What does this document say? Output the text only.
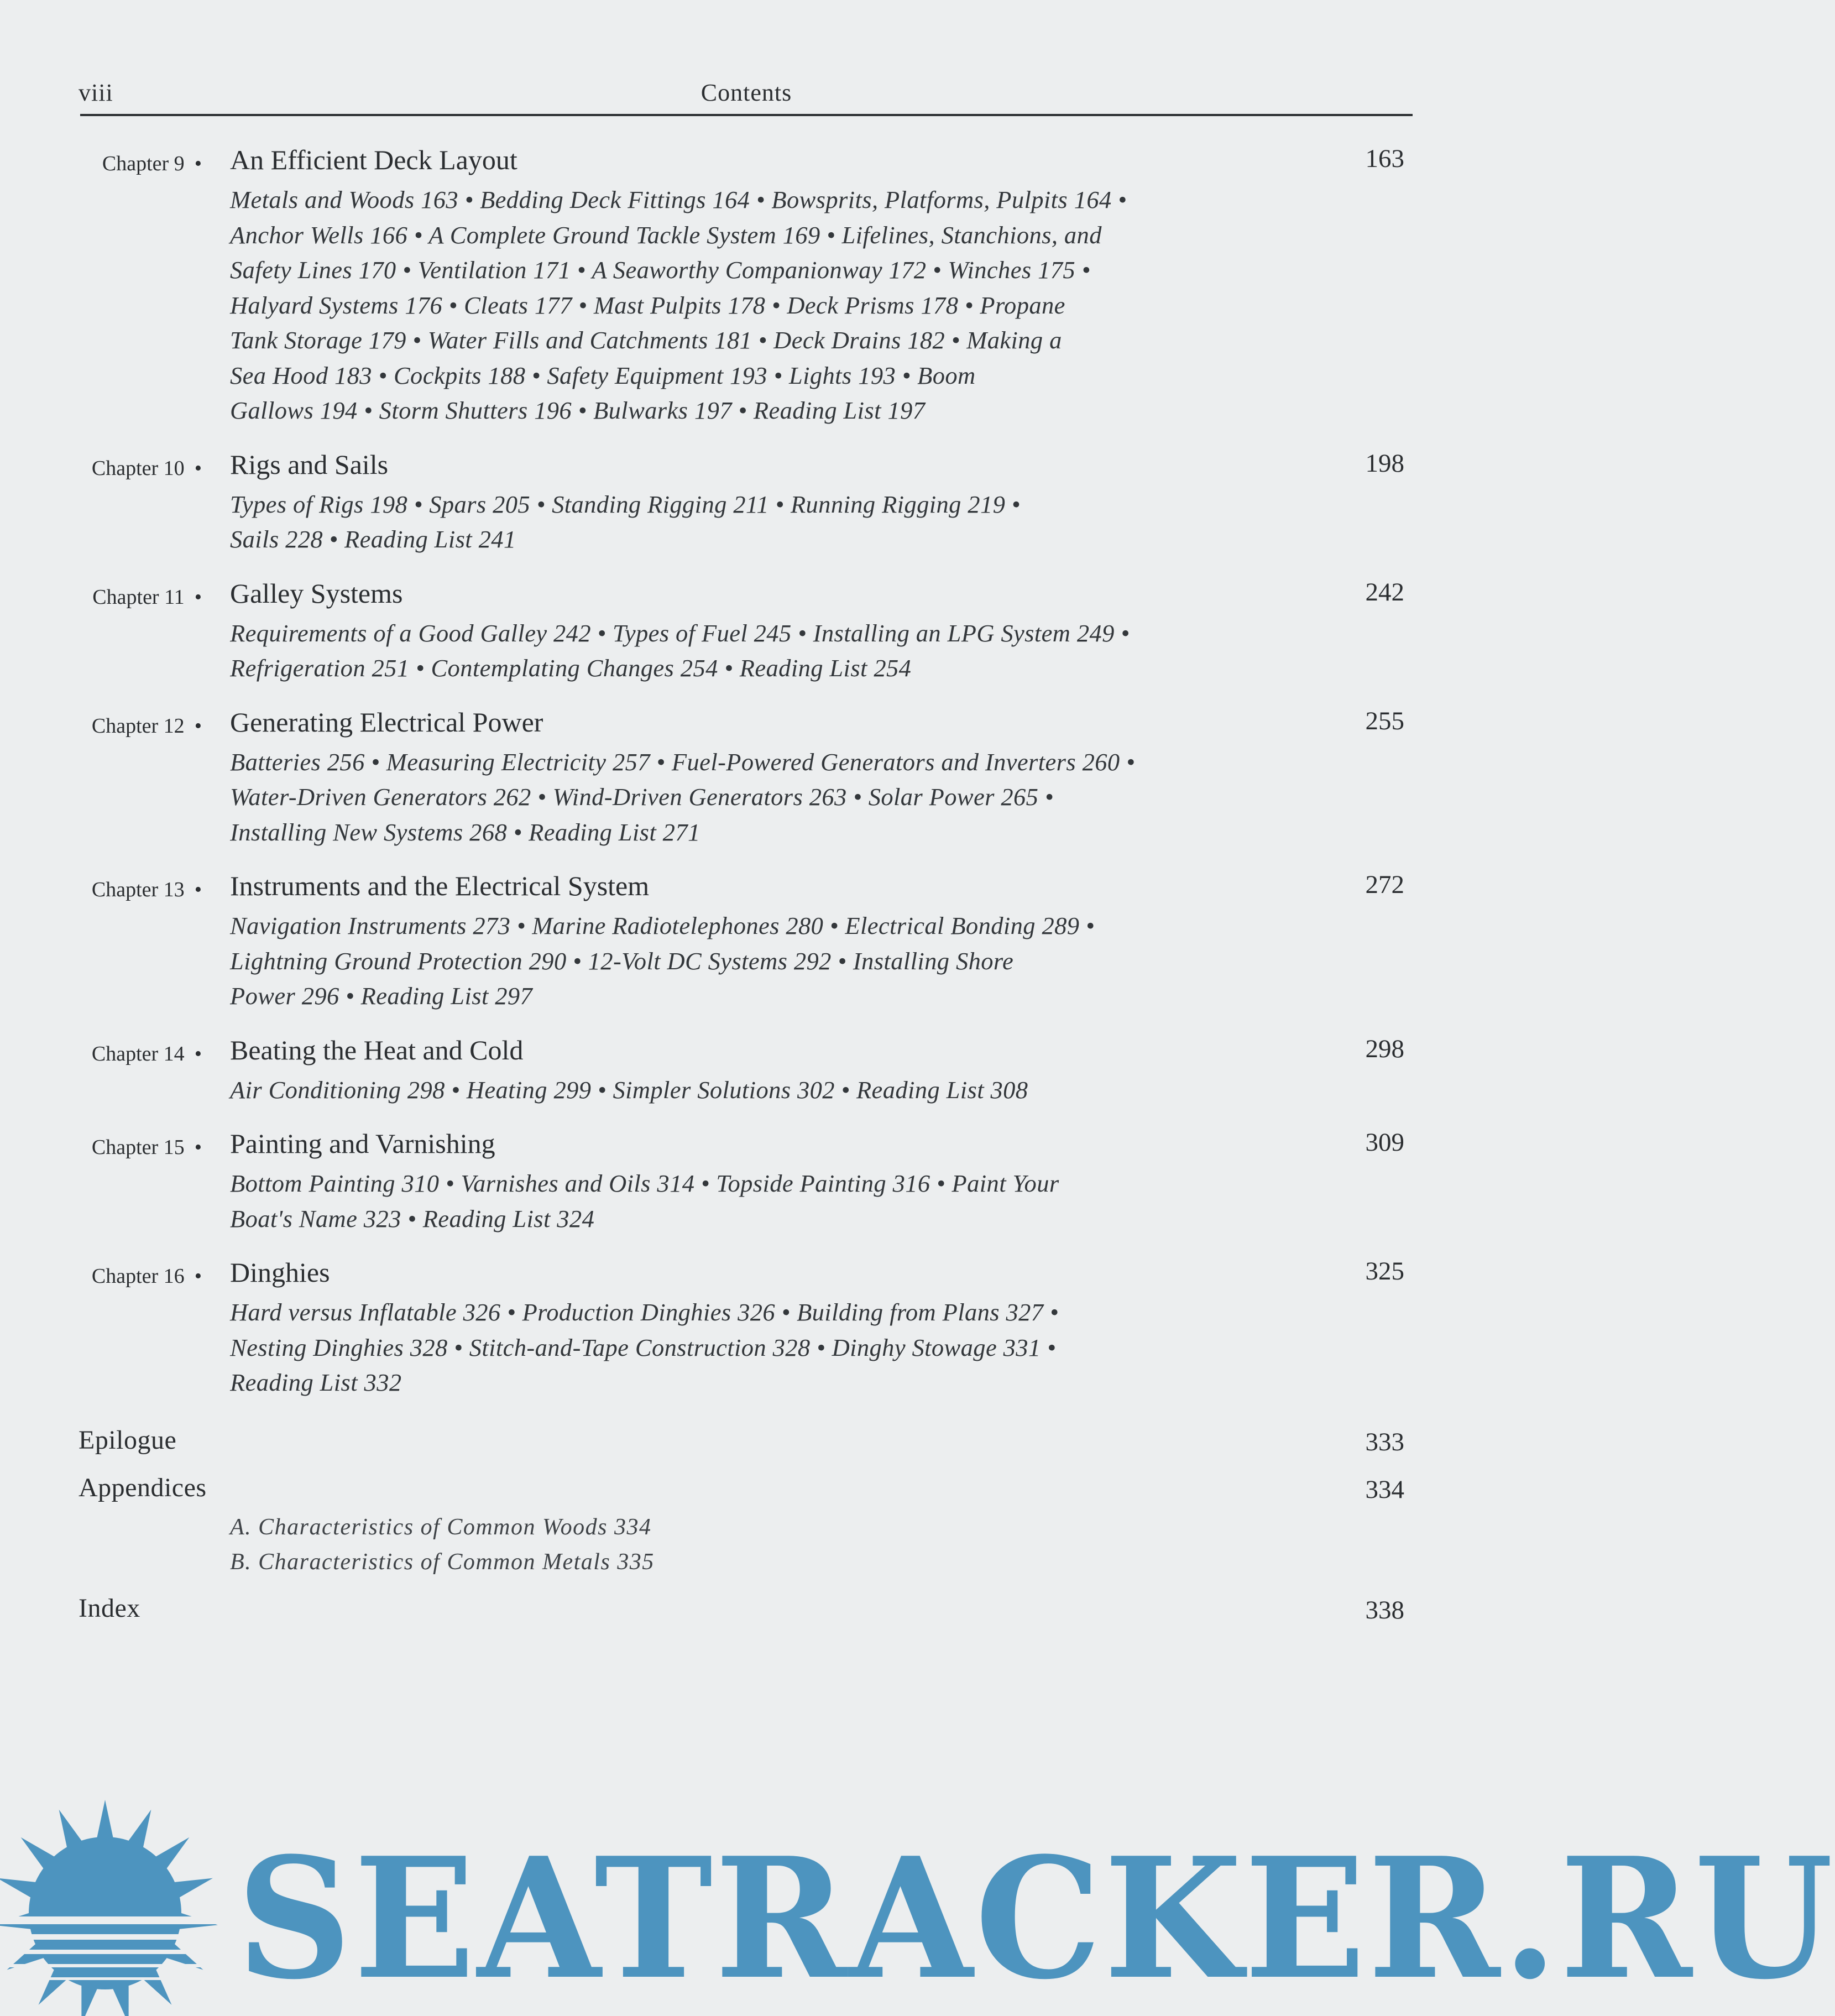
viii	Contents
Chapter 9 • An Efficient Deck Layout	163
Metals and Woods 163 • Bedding Deck Fittings 164 • Bowsprits, Platforms, Pulpits 164 •
Anchor Wells 166 • A Complete Ground Tackle System 169 • Lifelines, Stanchions, and
Safety Lines 170 • Ventilation 171 • A Seaworthy Companionway 172 • Winches 175 •
Halyard Systems 176 • Cleats 177 • Mast Pulpits 178 • Deck Prisms 178 • Propane
Tank Storage 179 • Water Fills and Catchments 181 • Deck Drains 182 • Making a
Sea Hood 183 • Cockpits 188 • Safety Equipment 193 • Lights 193 • Boom
Gallows 194 • Storm Shutters 196 • Bulwarks 197 • Reading List 197
Chapter 10 • Rigs and Sails	198
Types of Rigs 198 • Spars 205 • Standing Rigging 211 • Running Rigging 219 •
Sails 228 • Reading List 241
Chapter 11 • Galley Systems	242
Requirements of a Good Galley 242 • Types of Fuel 245 • Installing an LPG System 249 •
Refrigeration 251 • Contemplating Changes 254 • Reading List 254
Chapter 12 • Generating Electrical Power	255
Batteries 256 • Measuring Electricity 257 • Fuel-Powered Generators and Inverters 260 •
Water-Driven Generators 262 • Wind-Driven Generators 263 • Solar Power 265 •
Installing New Systems 268 • Reading List 271
Chapter 13 • Instruments and the Electrical System	272
Navigation Instruments 273 • Marine Radiotelephones 280 • Electrical Bonding 289 •
Lightning Ground Protection 290 • 12-Volt DC Systems 292 • Installing Shore
Power 296 • Reading List 297
Chapter 14 • Beating the Heat and Cold	298
Air Conditioning 298 • Heating 299 • Simpler Solutions 302 • Reading List 308
Chapter 15 • Painting and Varnishing	309
Bottom Painting 310 • Varnishes and Oils 314 • Topside Painting 316 • Paint Your
Boat's Name 323 • Reading List 324
Chapter 16 • Dinghies	325
Hard versus Inflatable 326 • Production Dinghies 326 • Building from Plans 327 •
Nesting Dinghies 328 • Stitch-and-Tape Construction 328 • Dinghy Stowage 331 •
Reading List 332
Epilogue	333
Appendices	334
A. Characteristics of Common Woods 334
B. Characteristics of Common Metals 335
Index	338
SEATRACKER.RU
